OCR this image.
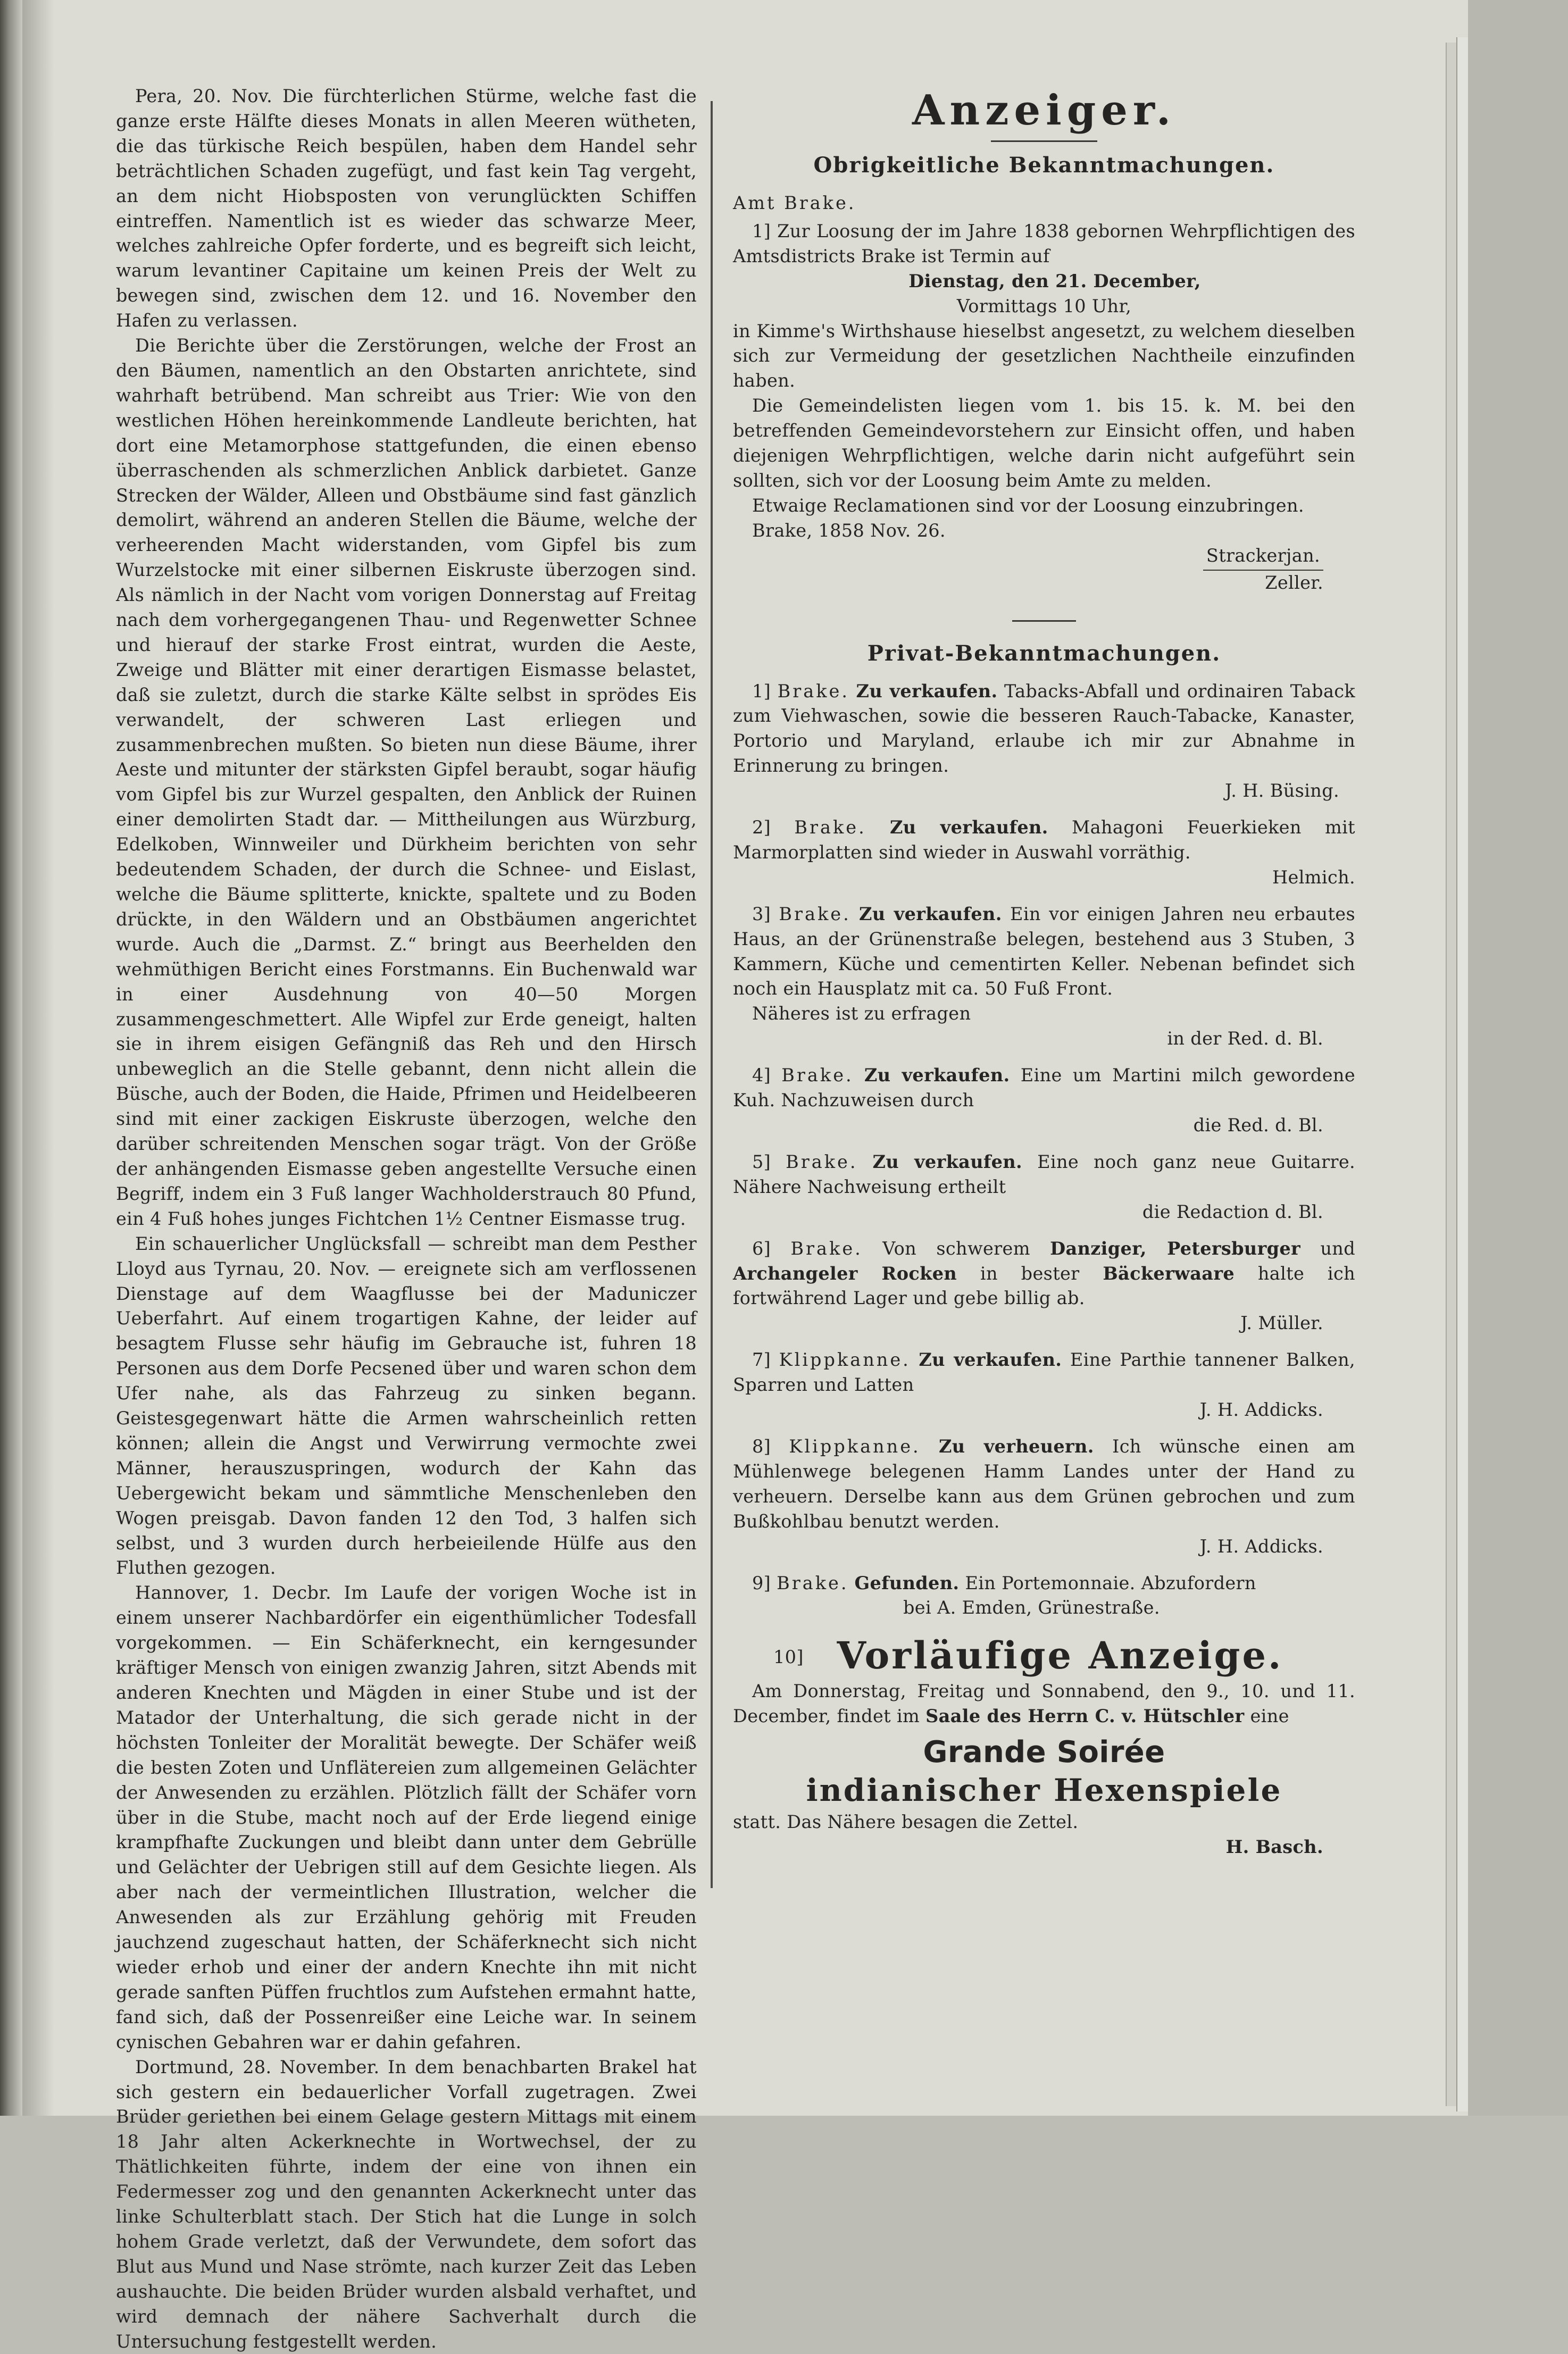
Pera, 20. Nov. Die fürchterlichen Stürme, welche fast die ganze erste Hälfte dieses Monats in allen Meeren wütheten, die das türkische Reich bespülen, haben dem Handel sehr beträchtlichen Schaden zugefügt, und fast kein Tag vergeht, an dem nicht Hiobsposten von verunglückten Schiffen eintreffen. Namentlich ist es wieder das schwarze Meer, welches zahlreiche Opfer forderte, und es begreift sich leicht, warum levantiner Capitaine um keinen Preis der Welt zu bewegen sind, zwischen dem 12. und 16. November den Hafen zu verlassen.

Die Berichte über die Zerstörungen, welche der Frost an den Bäumen, namentlich an den Obstarten anrichtete, sind wahrhaft betrübend. Man schreibt aus Trier: Wie von den westlichen Höhen hereinkommende Landleute berichten, hat dort eine Metamorphose stattgefunden, die einen ebenso überraschenden als schmerzlichen Anblick darbietet. Ganze Strecken der Wälder, Alleen und Obstbäume sind fast gänzlich demolirt, während an anderen Stellen die Bäume, welche der verheerenden Macht widerstanden, vom Gipfel bis zum Wurzelstocke mit einer silbernen Eiskruste überzogen sind. Als nämlich in der Nacht vom vorigen Donnerstag auf Freitag nach dem vorhergegangenen Thau- und Regenwetter Schnee und hierauf der starke Frost eintrat, wurden die Aeste, Zweige und Blätter mit einer derartigen Eismasse belastet, daß sie zuletzt, durch die starke Kälte selbst in sprödes Eis verwandelt, der schweren Last erliegen und zusammenbrechen mußten. So bieten nun diese Bäume, ihrer Aeste und mitunter der stärksten Gipfel beraubt, sogar häufig vom Gipfel bis zur Wurzel gespalten, den Anblick der Ruinen einer demolirten Stadt dar. — Mittheilungen aus Würzburg, Edelkoben, Winnweiler und Dürkheim berichten von sehr bedeutendem Schaden, der durch die Schnee- und Eislast, welche die Bäume splitterte, knickte, spaltete und zu Boden drückte, in den Wäldern und an Obstbäumen angerichtet wurde. Auch die „Darmst. Z.“ bringt aus Beerhelden den wehmüthigen Bericht eines Forstmanns. Ein Buchenwald war in einer Ausdehnung von 40—50 Morgen zusammengeschmettert. Alle Wipfel zur Erde geneigt, halten sie in ihrem eisigen Gefängniß das Reh und den Hirsch unbeweglich an die Stelle gebannt, denn nicht allein die Büsche, auch der Boden, die Haide, Pfrimen und Heidelbeeren sind mit einer zackigen Eiskruste überzogen, welche den darüber schreitenden Menschen sogar trägt. Von der Größe der anhängenden Eismasse geben angestellte Versuche einen Begriff, indem ein 3 Fuß langer Wachholderstrauch 80 Pfund, ein 4 Fuß hohes junges Fichtchen 1½ Centner Eismasse trug.

Ein schauerlicher Unglücksfall — schreibt man dem Pesther Lloyd aus Tyrnau, 20. Nov. — ereignete sich am verflossenen Dienstage auf dem Waagflusse bei der Maduniczer Ueberfahrt. Auf einem trogartigen Kahne, der leider auf besagtem Flusse sehr häufig im Gebrauche ist, fuhren 18 Personen aus dem Dorfe Pecsened über und waren schon dem Ufer nahe, als das Fahrzeug zu sinken begann. Geistesgegenwart hätte die Armen wahrscheinlich retten können; allein die Angst und Verwirrung vermochte zwei Männer, herauszuspringen, wodurch der Kahn das Uebergewicht bekam und sämmtliche Menschenleben den Wogen preisgab. Davon fanden 12 den Tod, 3 halfen sich selbst, und 3 wurden durch herbeieilende Hülfe aus den Fluthen gezogen.

Hannover, 1. Decbr. Im Laufe der vorigen Woche ist in einem unserer Nachbardörfer ein eigenthümlicher Todesfall vorgekommen. — Ein Schäferknecht, ein kerngesunder kräftiger Mensch von einigen zwanzig Jahren, sitzt Abends mit anderen Knechten und Mägden in einer Stube und ist der Matador der Unterhaltung, die sich gerade nicht in der höchsten Tonleiter der Moralität bewegte. Der Schäfer weiß die besten Zoten und Unflätereien zum allgemeinen Gelächter der Anwesenden zu erzählen. Plötzlich fällt der Schäfer vorn über in die Stube, macht noch auf der Erde liegend einige krampfhafte Zuckungen und bleibt dann unter dem Gebrülle und Gelächter der Uebrigen still auf dem Gesichte liegen. Als aber nach der vermeintlichen Illustration, welcher die Anwesenden als zur Erzählung gehörig mit Freuden jauchzend zugeschaut hatten, der Schäferknecht sich nicht wieder erhob und einer der andern Knechte ihn mit nicht gerade sanften Püffen fruchtlos zum Aufstehen ermahnt hatte, fand sich, daß der Possenreißer eine Leiche war. In seinem cynischen Gebahren war er dahin gefahren.

Dortmund, 28. November. In dem benachbarten Brakel hat sich gestern ein bedauerlicher Vorfall zugetragen. Zwei Brüder geriethen bei einem Gelage gestern Mittags mit einem 18 Jahr alten Ackerknechte in Wortwechsel, der zu Thätlichkeiten führte, indem der eine von ihnen ein Federmesser zog und den genannten Ackerknecht unter das linke Schulterblatt stach. Der Stich hat die Lunge in solch hohem Grade verletzt, daß der Verwundete, dem sofort das Blut aus Mund und Nase strömte, nach kurzer Zeit das Leben aushauchte. Die beiden Brüder wurden alsbald verhaftet, und wird demnach der nähere Sachverhalt durch die Untersuchung festgestellt werden.

Anzeiger.

Obrigkeitliche Bekanntmachungen.

Amt Brake.

1] Zur Loosung der im Jahre 1838 gebornen Wehrpflichtigen des Amtsdistricts Brake ist Termin auf

Dienstag, den 21. December,

Vormittags 10 Uhr,

in Kimme's Wirthshause hieselbst angesetzt, zu welchem dieselben sich zur Vermeidung der gesetzlichen Nachtheile einzufinden haben.

Die Gemeindelisten liegen vom 1. bis 15. k. M. bei den betreffenden Gemeindevorstehern zur Einsicht offen, und haben diejenigen Wehrpflichtigen, welche darin nicht aufgeführt sein sollten, sich vor der Loosung beim Amte zu melden.

Etwaige Reclamationen sind vor der Loosung einzubringen.

Brake, 1858 Nov. 26.

Strackerjan.

Zeller.

Privat-Bekanntmachungen.

1] Brake. Zu verkaufen. Tabacks-Abfall und ordinairen Taback zum Viehwaschen, sowie die besseren Rauch-Tabacke, Kanaster, Portorio und Maryland, erlaube ich mir zur Abnahme in Erinnerung zu bringen.

J. H. Büsing.

2] Brake. Zu verkaufen. Mahagoni Feuerkieken mit Marmorplatten sind wieder in Auswahl vorräthig.

Helmich.

3] Brake. Zu verkaufen. Ein vor einigen Jahren neu erbautes Haus, an der Grünenstraße belegen, bestehend aus 3 Stuben, 3 Kammern, Küche und cementirten Keller. Nebenan befindet sich noch ein Hausplatz mit ca. 50 Fuß Front.

Näheres ist zu erfragen

in der Red. d. Bl.

4] Brake. Zu verkaufen. Eine um Martini milch gewordene Kuh. Nachzuweisen durch

die Red. d. Bl.

5] Brake. Zu verkaufen. Eine noch ganz neue Guitarre. Nähere Nachweisung ertheilt

die Redaction d. Bl.

6] Brake. Von schwerem Danziger, Petersburger und Archangeler Rocken in bester Bäckerwaare halte ich fortwährend Lager und gebe billig ab.

J. Müller.

7] Klippkanne. Zu verkaufen. Eine Parthie tannener Balken, Sparren und Latten

J. H. Addicks.

8] Klippkanne. Zu verheuern. Ich wünsche einen am Mühlenwege belegenen Hamm Landes unter der Hand zu verheuern. Derselbe kann aus dem Grünen gebrochen und zum Bußkohlbau benutzt werden.

J. H. Addicks.

9] Brake. Gefunden. Ein Portemonnaie. Abzufordern

bei A. Emden, Grünestraße.

10] Vorläufige Anzeige.

Am Donnerstag, Freitag und Sonnabend, den 9., 10. und 11. December, findet im Saale des Herrn C. v. Hütschler eine

Grande Soirée

indianischer Hexenspiele

statt. Das Nähere besagen die Zettel.

H. Basch.
